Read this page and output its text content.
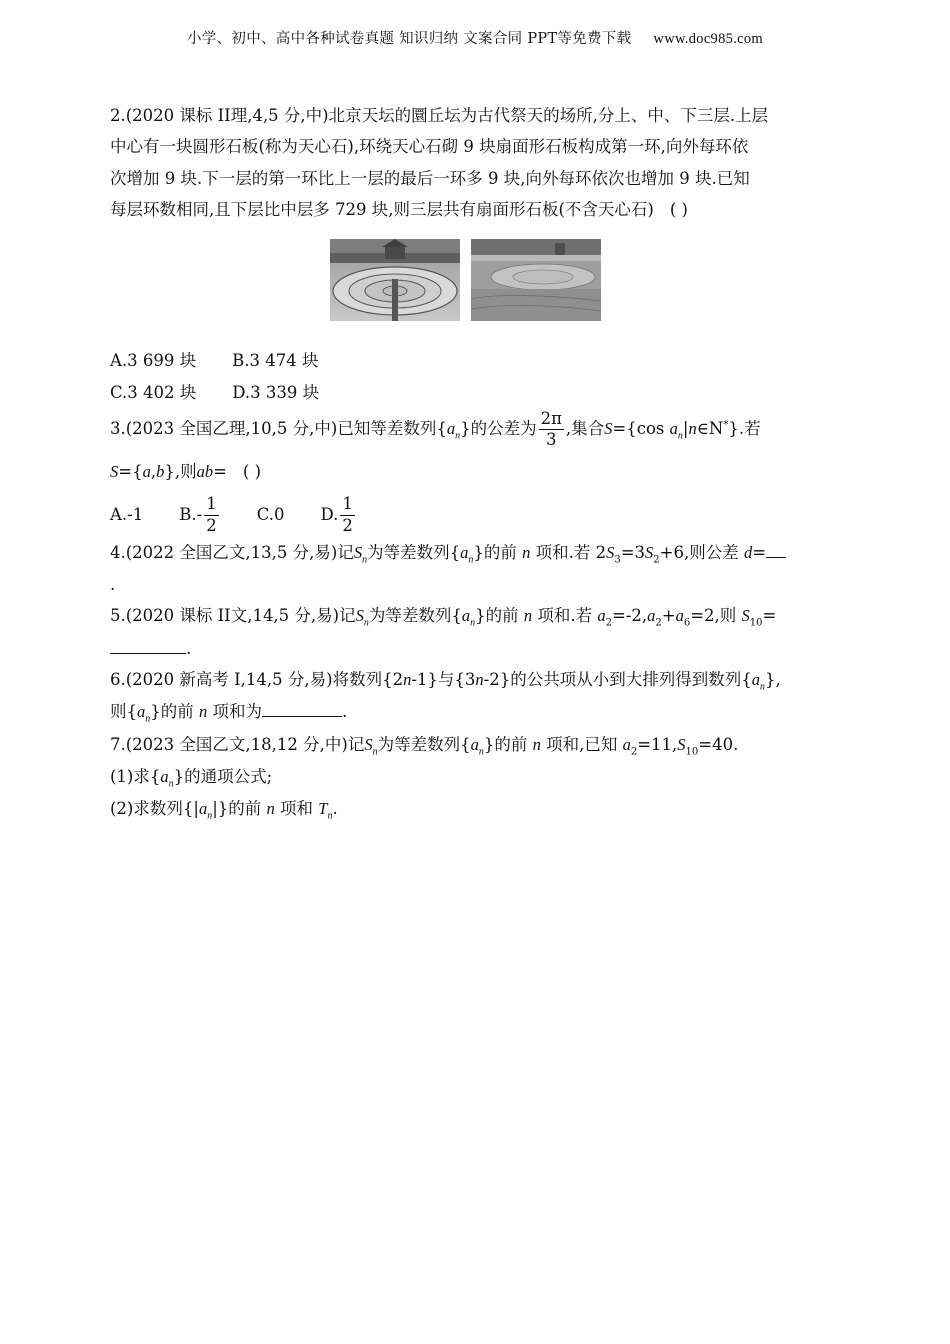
小学、初中、高中各种试卷真题 知识归纳 文案合同 PPT等免费下载 www.doc985.com
2.(2020 课标 II理,4,5 分,中)北京天坛的圜丘坛为古代祭天的场所,分上、中、下三层.上层
中心有一块圆形石板(称为天心石),环绕天心石砌 9 块扇面形石板构成第一环,向外每环依
次增加 9 块.下一层的第一环比上一层的最后一环多 9 块,向外每环依次也增加 9 块.已知
每层环数相同,且下层比中层多 729 块,则三层共有扇面形石板(不含天心石) ( )
A.3 699 块 B.3 474 块
C.3 402 块 D.3 339 块
3.(2023 全国乙理,10,5 分,中)已知等差数列$\{a_n\}$的公差为 $\frac{2\pi}{3}$ ,集合S={cos $a_n|n\in N^*$}.若
S={a,b},则ab= ( )
A.-1 $B.- \frac{1}{2} C.0$ D. $\frac{1}{2}$
4.(2022 全国乙文,13,5 分,易)记$S_n$为等差数列$\{a_n\}$的前 n 项和.若 $2S_3=3S_2+6$,则公差 d=
.
5.(2020 课标 II文,14,5 分,易)记$S_n$为等差数列$\{a_n\}$的前 n 项和.若 $a_2=-2,a_2+a_6=2$,则 $S_{10}=$
.
6.(2020 新高考 I,14,5 分,易)将数列{2n-1}与{3n-2}的公共项从小到大排列得到数列$\{a_n\}$,
则$\{a_n\}$的前 n 项和为	.
7.(2023 全国乙文,18,12 分,中)记$S_n$为等差数列$\{a_n\}$的前 n 项和,已知 $a_2=11,S_{10}=40$.
(1)求$\{a_n\}$的通项公式;
(2)求数列$\{|a_n|\}$的前 n 项和 $T_n$.
